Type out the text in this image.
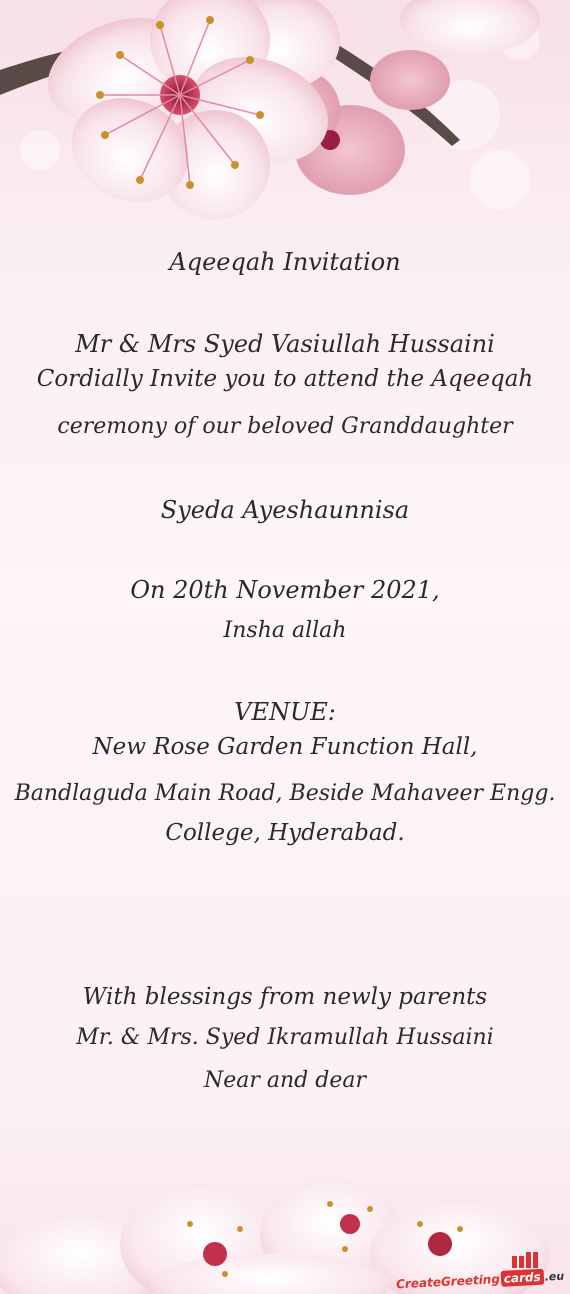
Aqeeqah Invitation
Mr & Mrs Syed Vasiullah Hussaini
Cordially Invite you to attend the Aqeeqah
ceremony of our beloved Granddaughter
Syeda Ayeshaunnisa
On 20th November 2021,
Insha allah
VENUE:
New Rose Garden Function Hall,
Bandlaguda Main Road, Beside Mahaveer Engg.
College, Hyderabad.
With blessings from newly parents
Mr. & Mrs. Syed Ikramullah Hussaini
Near and dear
CreateGreeting cards .eu
